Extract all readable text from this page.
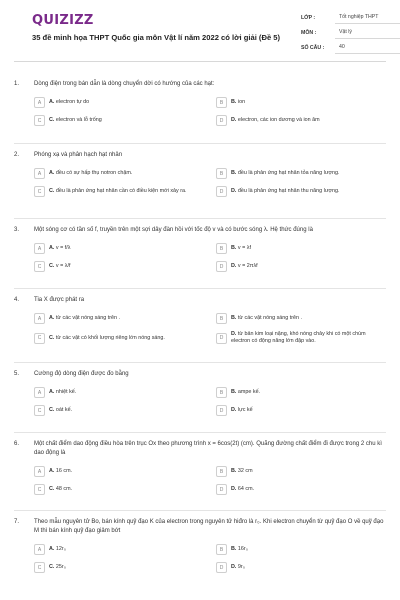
QUIZIZZ
35 đề minh họa THPT Quốc gia môn Vật lí năm 2022 có lời giải (Đề 5)
LỚP :	Tốt nghiệp THPT
MÔN :	Vật lý
SỐ CÂU :	40
1.	Dòng điện trong bán dẫn là dòng chuyển dời có hướng của các hạt:
A	A. electron tự do	B	B. ion
C	C. electron và lỗ trống	D	D. electron, các ion dương và ion âm
2.	Phóng xạ và phân hạch hạt nhân
A	A. đều có sự hấp thụ notron chậm.	B	B. đều là phản ứng hạt nhân tỏa năng lượng.
C	C. đều là phản ứng hạt nhân cần có điều kiện mới xảy ra.	D	D. đều là phản ứng hạt nhân thu năng lượng.
3.	Một sóng cơ có tần số f, truyền trên một sợi dây đàn hồi với tốc độ v và có bước sóng λ. Hệ thức đúng là
A	A. v = f/λ	B	B. v = λf
C	C. v = λ/f	D	D. v = 2πλf
4.	Tia X được phát ra
A	A. từ các vật nóng sáng trên .	B	B. từ các vật nóng sáng trên .
C	C. từ các vật có khối lượng riêng lớn nóng sáng.	D
D. từ bản kim loại nặng, khó nóng chảy khi có một chùm electron có động năng lớn đập vào.
5.	Cường độ dòng điện được đo bằng
A	A. nhiệt kế.	B	B. ampe kế.
C	C. oát kế.	D	D. lực kế
6.	Một chất điểm dao động điều hòa trên trục Ox theo phương trình x = 6cos(2t) (cm). Quãng đường chất điểm đi được trong 2 chu kì dao động là
A	A. 16 cm.	B	B. 32 cm
C	C. 48 cm.	D	D. 64 cm.
7.	Theo mẫu nguyên tử Bo, bán kính quỹ đạo K của electron trong nguyên tử hiđro là r₀. Khi electron chuyển từ quỹ đạo O về quỹ đạo M thì bán kính quỹ đạo giảm bớt
A	A. 12r₀	B	B. 16r₀
C	C. 25r₀	D	D. 9r₀
